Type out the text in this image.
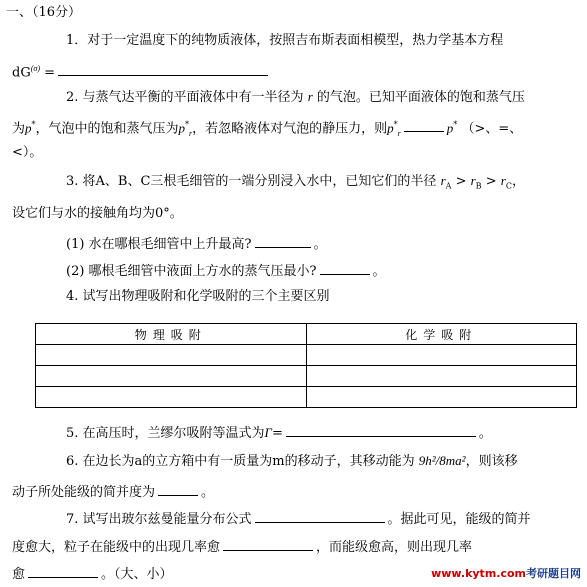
一、（16分）
1．对于一定温度下的纯物质液体，按照吉布斯表面相模型，热力学基本方程
$dG^{(\sigma)}$ =
2. 与蒸气达平衡的平面液体中有一半径为 r 的气泡。已知平面液体的饱和蒸气压
为p*，气泡中的饱和蒸气压为$p^*_r$，若忽略液体对气泡的静压力，则$p^*_r$	p* （>、=、
<）。
3. 将A、B、C三根毛细管的一端分别浸入水中，已知它们的半径 $r_A > r_B > r_C$，
设它们与水的接触角均为0°。
(1) 水在哪根毛细管中上升最高?	。
(2) 哪根毛细管中液面上方水的蒸气压最小?	。
4. 试写出物理吸附和化学吸附的三个主要区别
物理吸附	化学吸附

5. 在高压时，兰缪尔吸附等温式为Γ=	。
6. 在边长为a的立方箱中有一质量为m的移动子，其移动能为 9h²/8ma²，则该移
动子所处能级的简并度为	。
7. 试写出玻尔兹曼能量分布公式	。据此可见，能级的简并
度愈大，粒子在能级中的出现几率愈	，而能级愈高，则出现几率
愈	。（大、小）	www.kytm.com考研题目网
